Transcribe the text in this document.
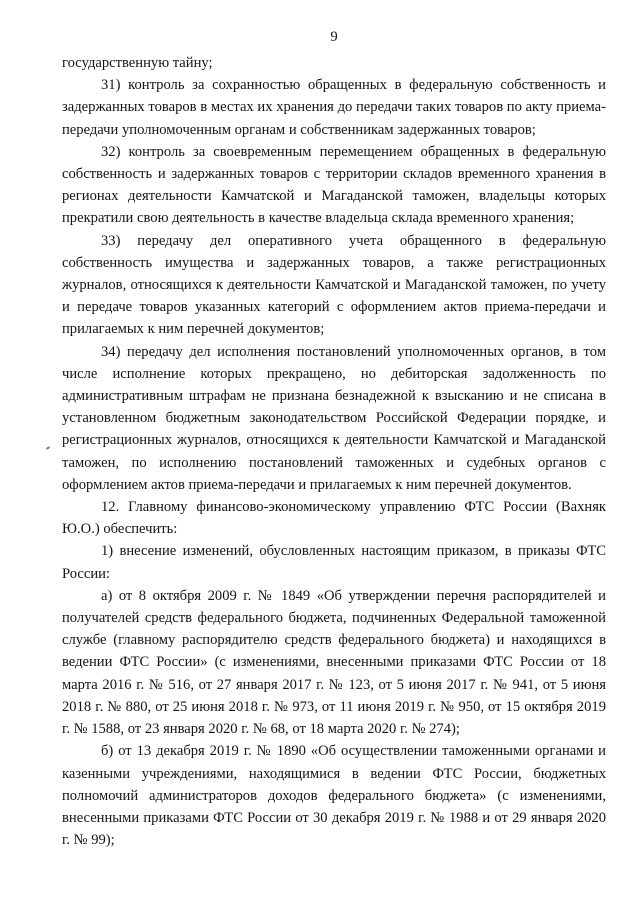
9

государственную тайну;

31) контроль за сохранностью обращенных в федеральную собственность и задержанных товаров в местах их хранения до передачи таких товаров по акту приема-передачи уполномоченным органам и собственникам задержанных товаров;

32) контроль за своевременным перемещением обращенных в федеральную собственность и задержанных товаров с территории складов временного хранения в регионах деятельности Камчатской и Магаданской таможен, владельцы которых прекратили свою деятельность в качестве владельца склада временного хранения;

33) передачу дел оперативного учета обращенного в федеральную собственность имущества и задержанных товаров, а также регистрационных журналов, относящихся к деятельности Камчатской и Магаданской таможен, по учету и передаче товаров указанных категорий с оформлением актов приема-передачи и прилагаемых к ним перечней документов;

34) передачу дел исполнения постановлений уполномоченных органов, в том числе исполнение которых прекращено, но дебиторская задолженность по административным штрафам не признана безнадежной к взысканию и не списана в установленном бюджетным законодательством Российской Федерации порядке, и регистрационных журналов, относящихся к деятельности Камчатской и Магаданской таможен, по исполнению постановлений таможенных и судебных органов с оформлением актов приема-передачи и прилагаемых к ним перечней документов.

12. Главному финансово-экономическому управлению ФТС России (Вахняк Ю.О.) обеспечить:

1) внесение изменений, обусловленных настоящим приказом, в приказы ФТС России:

а) от 8 октября 2009 г. № 1849 «Об утверждении перечня распорядителей и получателей средств федерального бюджета, подчиненных Федеральной таможенной службе (главному распорядителю средств федерального бюджета) и находящихся в ведении ФТС России» (с изменениями, внесенными приказами ФТС России от 18 марта 2016 г. № 516, от 27 января 2017 г. № 123, от 5 июня 2017 г. № 941, от 5 июня 2018 г. № 880, от 25 июня 2018 г. № 973, от 11 июня 2019 г. № 950, от 15 октября 2019 г. № 1588, от 23 января 2020 г. № 68, от 18 марта 2020 г. № 274);

б) от 13 декабря 2019 г. № 1890 «Об осуществлении таможенными органами и казенными учреждениями, находящимися в ведении ФТС России, бюджетных полномочий администраторов доходов федерального бюджета» (с изменениями, внесенными приказами ФТС России от 30 декабря 2019 г. № 1988 и от 29 января 2020 г. № 99);
